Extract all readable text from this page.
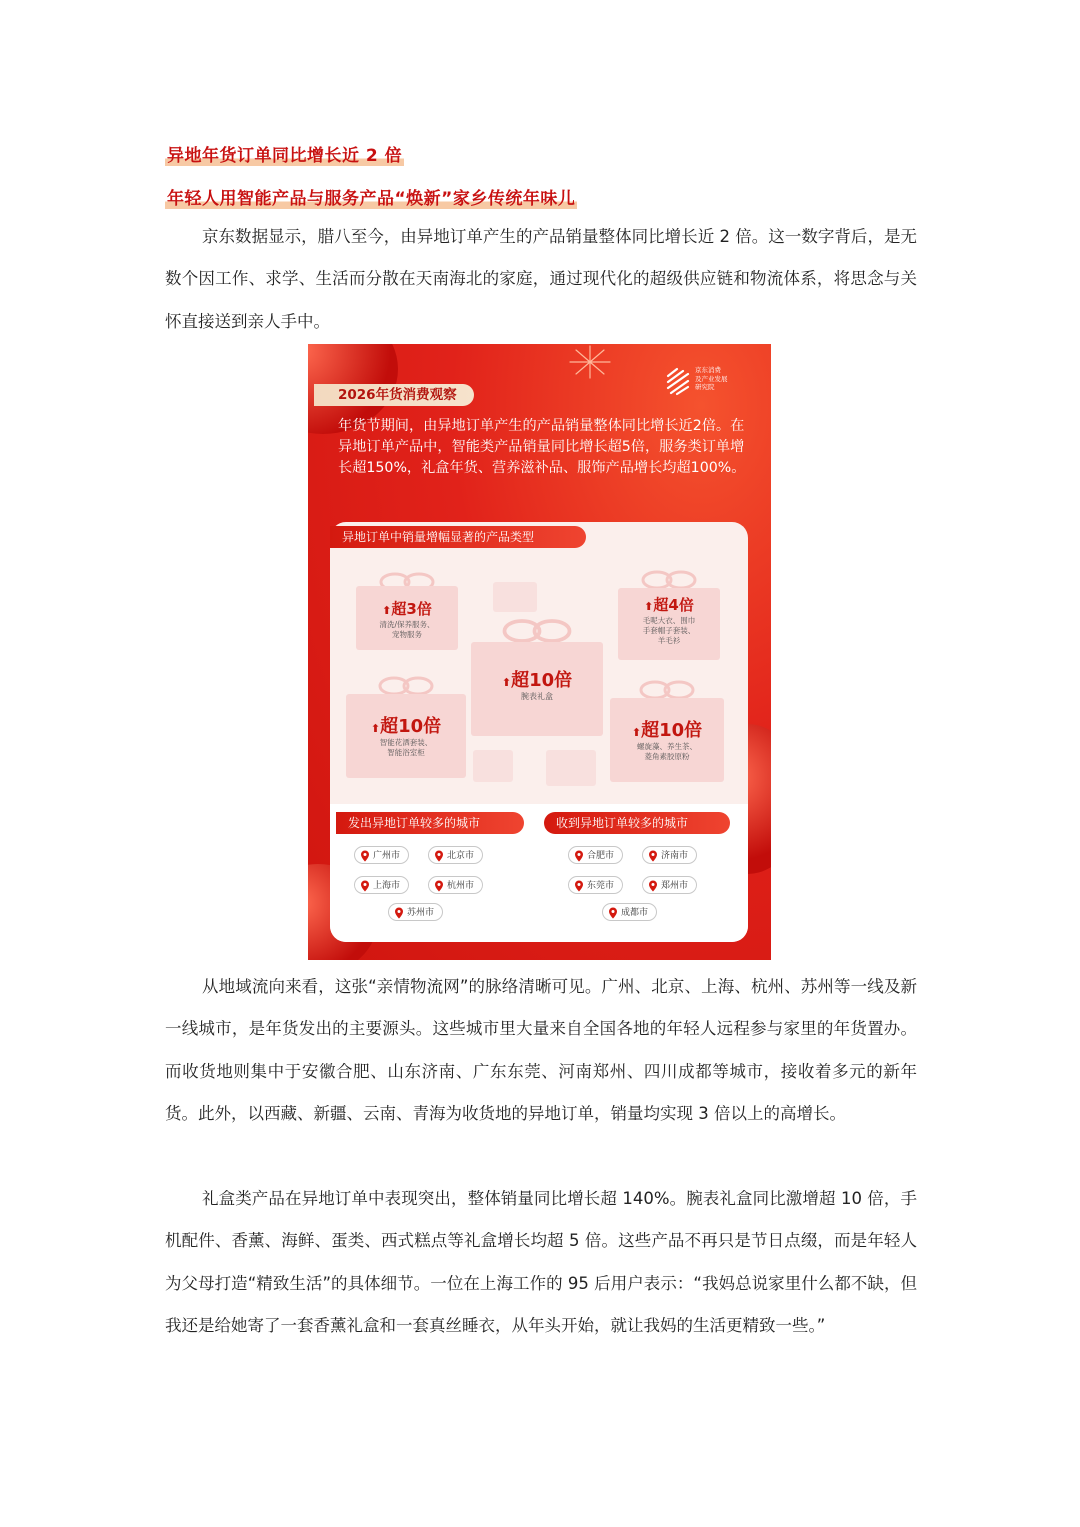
异地年货订单同比增长近 2 倍
年轻人用智能产品与服务产品“焕新”家乡传统年味儿

京东数据显示，腊八至今，由异地订单产生的产品销量整体同比增长近 2 倍。这一数字背后，是无数个因工作、求学、生活而分散在天南海北的家庭，通过现代化的超级供应链和物流体系，将思念与关怀直接送到亲人手中。

京东消费
及产业发展
研究院
2026年货消费观察

年货节期间，由异地订单产生的产品销量整体同比增长近2倍。在异地订单产品中，智能类产品销量同比增长超5倍，服务类订单增长超150%，礼盒年货、营养滋补品、服饰产品增长均超100%。

异地订单中销量增幅显著的产品类型
⬆超3倍
清洗/保养服务、
宠物服务
⬆超4倍
毛呢大衣、围巾
手套帽子套装、
羊毛衫
⬆超10倍
腕表礼盒
⬆超10倍
智能花洒套装、
智能浴室柜
⬆超10倍
螺旋藻、养生茶、
菱角素胶原粉
发出异地订单较多的城市	收到异地订单较多的城市
广州市	北京市
上海市	杭州市
苏州市
合肥市	济南市
东莞市	郑州市
成都市

从地域流向来看，这张“亲情物流网”的脉络清晰可见。广州、北京、上海、杭州、苏州等一线及新一线城市，是年货发出的主要源头。这些城市里大量来自全国各地的年轻人远程参与家里的年货置办。而收货地则集中于安徽合肥、山东济南、广东东莞、河南郑州、四川成都等城市，接收着多元的新年货。此外，以西藏、新疆、云南、青海为收货地的异地订单，销量均实现 3 倍以上的高增长。

礼盒类产品在异地订单中表现突出，整体销量同比增长超 140%。腕表礼盒同比激增超 10 倍，手机配件、香薰、海鲜、蛋类、西式糕点等礼盒增长均超 5 倍。这些产品不再只是节日点缀，而是年轻人为父母打造“精致生活”的具体细节。一位在上海工作的 95 后用户表示：“我妈总说家里什么都不缺，但我还是给她寄了一套香薰礼盒和一套真丝睡衣，从年头开始，就让我妈的生活更精致一些。”
